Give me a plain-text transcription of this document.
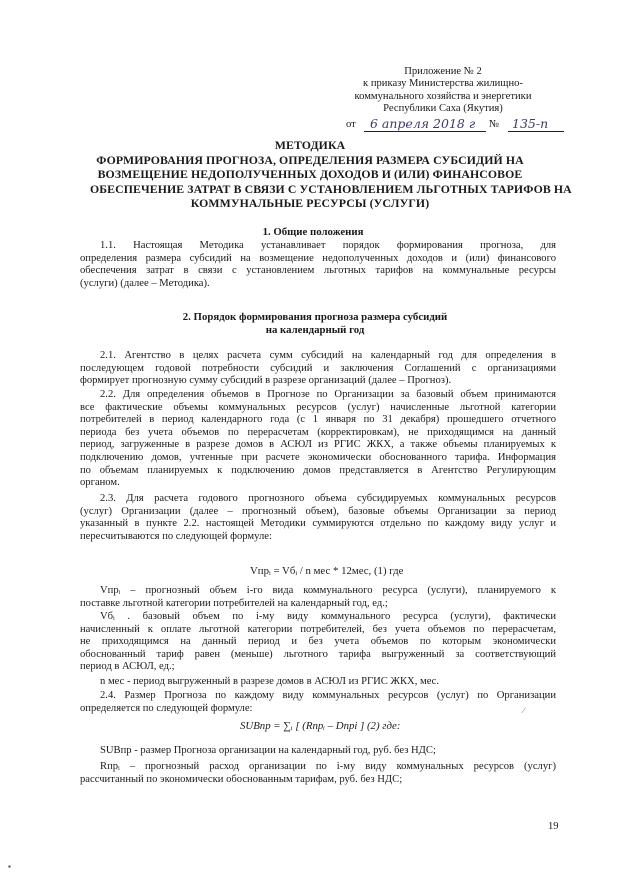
Приложение № 2
к приказу Министерства жилищно-
коммунального хозяйства и энергетики
Республики Саха (Якутия)
от	6 апреля 2018 г	№	135-п
МЕТОДИКА
ФОРМИРОВАНИЯ ПРОГНОЗА, ОПРЕДЕЛЕНИЯ РАЗМЕРА СУБСИДИЙ НА
ВОЗМЕЩЕНИЕ НЕДОПОЛУЧЕННЫХ ДОХОДОВ И (ИЛИ) ФИНАНСОВОЕ
ОБЕСПЕЧЕНИЕ ЗАТРАТ В СВЯЗИ С УСТАНОВЛЕНИЕМ ЛЬГОТНЫХ ТАРИФОВ НА
КОММУНАЛЬНЫЕ РЕСУРСЫ (УСЛУГИ)
1. Общие положения
1.1. Настоящая Методика устанавливает порядок формирования прогноза, для
определения размера субсидий на возмещение недополученных доходов и (или) финансового
обеспечения затрат в связи с установлением льготных тарифов на коммунальные ресурсы
(услуги) (далее – Методика).
2. Порядок формирования прогноза размера субсидий
на календарный год
2.1. Агентство в целях расчета сумм субсидий на календарный год для определения в
последующем годовой потребности субсидий и заключения Соглашений с организациями
формирует прогнозную сумму субсидий в разрезе организаций (далее – Прогноз).
2.2. Для определения объемов в Прогнозе по Организации за базовый объем принимаются
все фактические объемы коммунальных ресурсов (услуг) начисленные льготной категории
потребителей в период календарного года (с 1 января по 31 декабря) прошедшего отчетного
периода без учета объемов по перерасчетам (корректировкам), не приходящимся на данный
период, загруженные в разрезе домов в АСЮЛ из РГИС ЖКХ, а также объемы планируемых к
подключению домов, учтенные при расчете экономически обоснованного тарифа. Информация
по объемам планируемых к подключению домов представляется в Агентство Регулирующим
органом.
2.3. Для расчета годового прогнозного объема субсидируемых коммунальных ресурсов
(услуг) Организации (далее – прогнозный объем), базовые объемы Организации за период
указанный в пункте 2.2. настоящей Методики суммируются отдельно по каждому виду услуг и
пересчитываются по следующей формуле:
Vпрᵢ = Vбᵢ / n мес * 12мес, (1) где
Vпрᵢ – прогнозный объем i-го вида коммунального ресурса (услуги), планируемого к
поставке льготной категории потребителей на календарный год, ед.;
Vбᵢ . базовый объем по i-му виду коммунального ресурса (услуги), фактически
начисленный к оплате льготной категории потребителей, без учета объемов по перерасчетам,
не приходящимся на данный период и без учета объемов по которым экономически
обоснованный тариф равен (меньше) льготного тарифа выгруженный за соответствующий
период в АСЮЛ, ед.;
n мес - период выгруженный в разрезе домов в АСЮЛ из РГИС ЖКХ, мес.
2.4. Размер Прогноза по каждому виду коммунальных ресурсов (услуг) по Организации
определяется по следующей формуле:
SUBпр = ∑ᵢ [ (Rпрᵢ – Dпрi ] (2) где:
SUBпр - размер Прогноза организации на календарный год, руб. без НДС;
Rпрᵢ – прогнозный расход организации по i-му виду коммунальных ресурсов (услуг)
рассчитанный по экономически обоснованным тарифам, руб. без НДС;
19
▪
⁄
